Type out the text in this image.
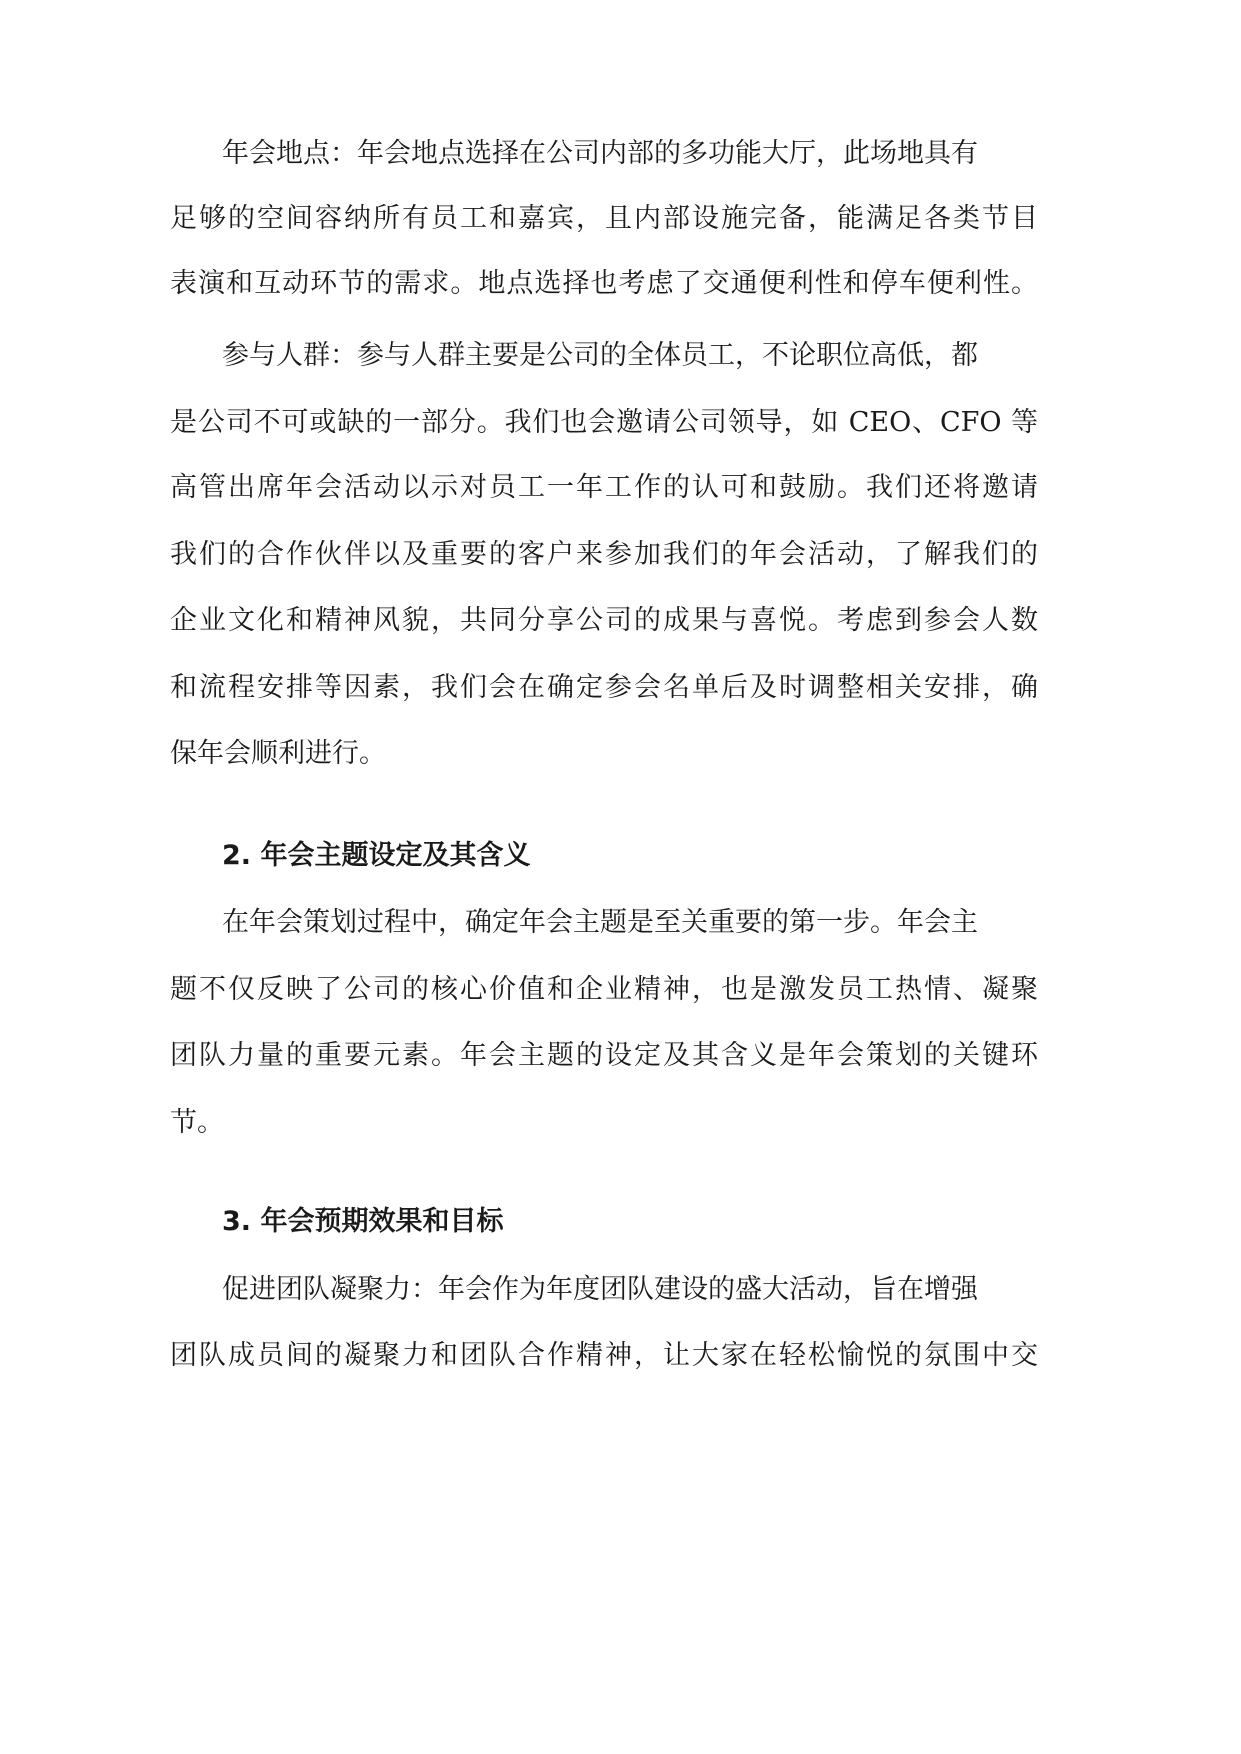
年会地点：年会地点选择在公司内部的多功能大厅，此场地具有
足够的空间容纳所有员工和嘉宾，且内部设施完备，能满足各类节目
表演和互动环节的需求。地点选择也考虑了交通便利性和停车便利性。
参与人群：参与人群主要是公司的全体员工，不论职位高低，都
是公司不可或缺的一部分。我们也会邀请公司领导，如 CEO、CFO 等
高管出席年会活动以示对员工一年工作的认可和鼓励。我们还将邀请
我们的合作伙伴以及重要的客户来参加我们的年会活动，了解我们的
企业文化和精神风貌，共同分享公司的成果与喜悦。考虑到参会人数
和流程安排等因素，我们会在确定参会名单后及时调整相关安排，确
保年会顺利进行。
2. 年会主题设定及其含义
在年会策划过程中，确定年会主题是至关重要的第一步。年会主
题不仅反映了公司的核心价值和企业精神，也是激发员工热情、凝聚
团队力量的重要元素。年会主题的设定及其含义是年会策划的关键环
节。
3. 年会预期效果和目标
促进团队凝聚力：年会作为年度团队建设的盛大活动，旨在增强
团队成员间的凝聚力和团队合作精神，让大家在轻松愉悦的氛围中交
